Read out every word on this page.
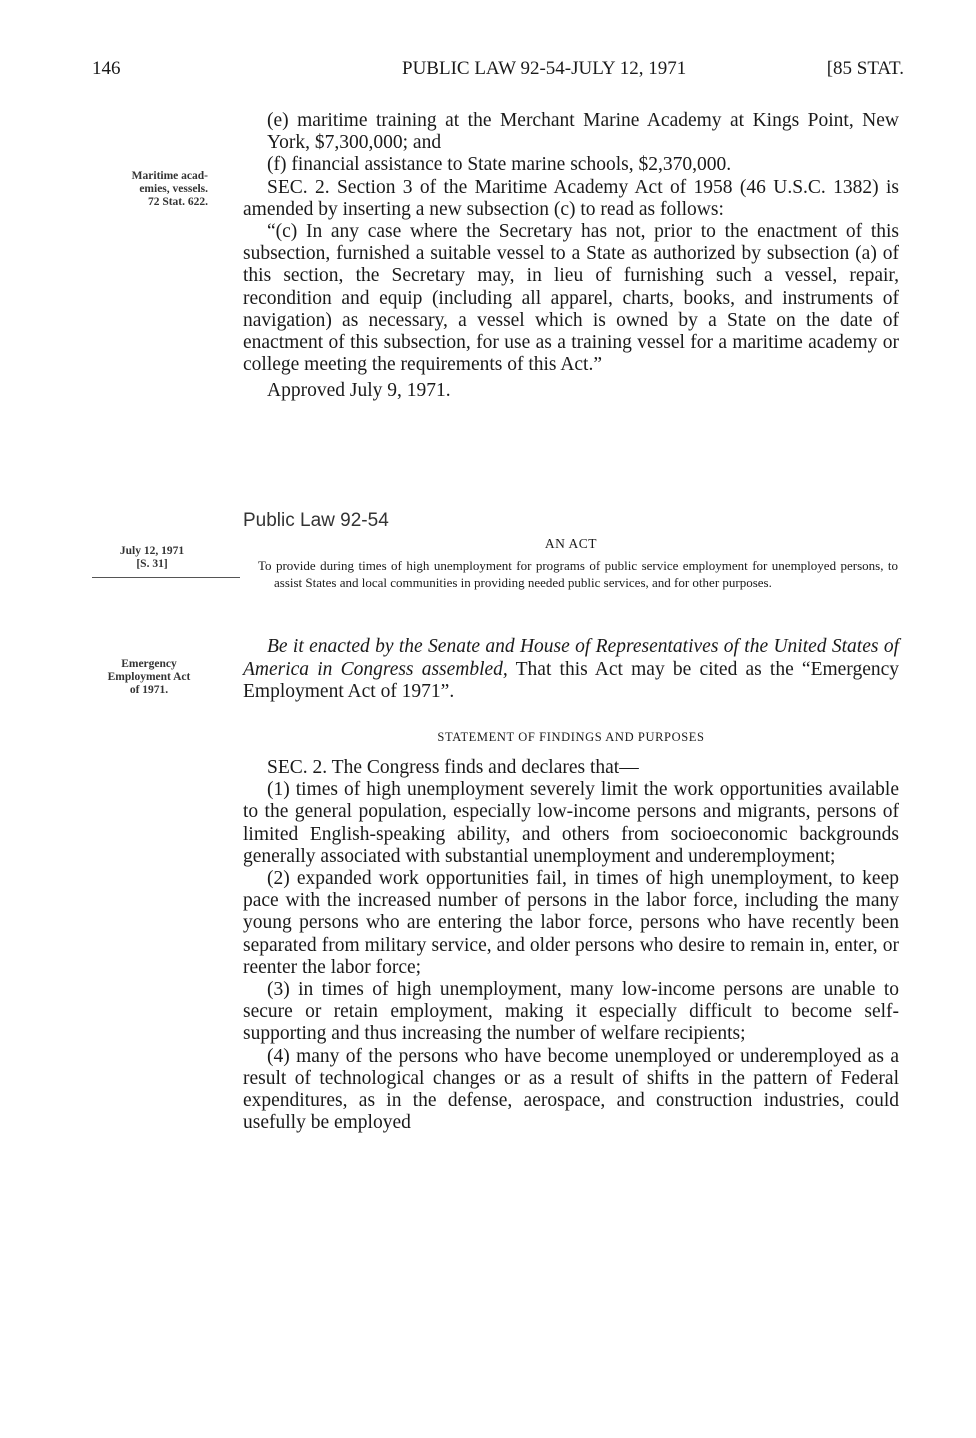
146	PUBLIC LAW 92-54-JULY 12, 1971	[85 STAT.
Maritime acad-
emies, vessels.
72 Stat. 622.

(e) maritime training at the Merchant Marine Academy at Kings Point, New York, $7,300,000; and

(f) financial assistance to State marine schools, $2,370,000.

SEC. 2. Section 3 of the Maritime Academy Act of 1958 (46 U.S.C. 1382) is amended by inserting a new subsection (c) to read as follows:

“(c) In any case where the Secretary has not, prior to the enactment of this subsection, furnished a suitable vessel to a State as authorized by subsection (a) of this section, the Secretary may, in lieu of furnishing such a vessel, repair, recondition and equip (including all apparel, charts, books, and instruments of navigation) as necessary, a vessel which is owned by a State on the date of enactment of this subsection, for use as a training vessel for a maritime academy or college meeting the requirements of this Act.”

Approved July 9, 1971.

Public Law 92-54
July 12, 1971
[S. 31]
AN ACT

To provide during times of high unemployment for programs of public service employment for unemployed persons, to assist States and local communities in providing needed public services, and for other purposes.

Emergency
Employment Act
of 1971.

Be it enacted by the Senate and House of Representatives of the United States of America in Congress assembled, That this Act may be cited as the “Emergency Employment Act of 1971”.

STATEMENT OF FINDINGS AND PURPOSES

SEC. 2. The Congress finds and declares that—

(1) times of high unemployment severely limit the work opportunities available to the general population, especially low-income persons and migrants, persons of limited English-speaking ability, and others from socioeconomic backgrounds generally associated with substantial unemployment and underemployment;

(2) expanded work opportunities fail, in times of high unemployment, to keep pace with the increased number of persons in the labor force, including the many young persons who are entering the labor force, persons who have recently been separated from military service, and older persons who desire to remain in, enter, or reenter the labor force;

(3) in times of high unemployment, many low-income persons are unable to secure or retain employment, making it especially difficult to become self-supporting and thus increasing the number of welfare recipients;

(4) many of the persons who have become unemployed or underemployed as a result of technological changes or as a result of shifts in the pattern of Federal expenditures, as in the defense, aerospace, and construction industries, could usefully be employed
